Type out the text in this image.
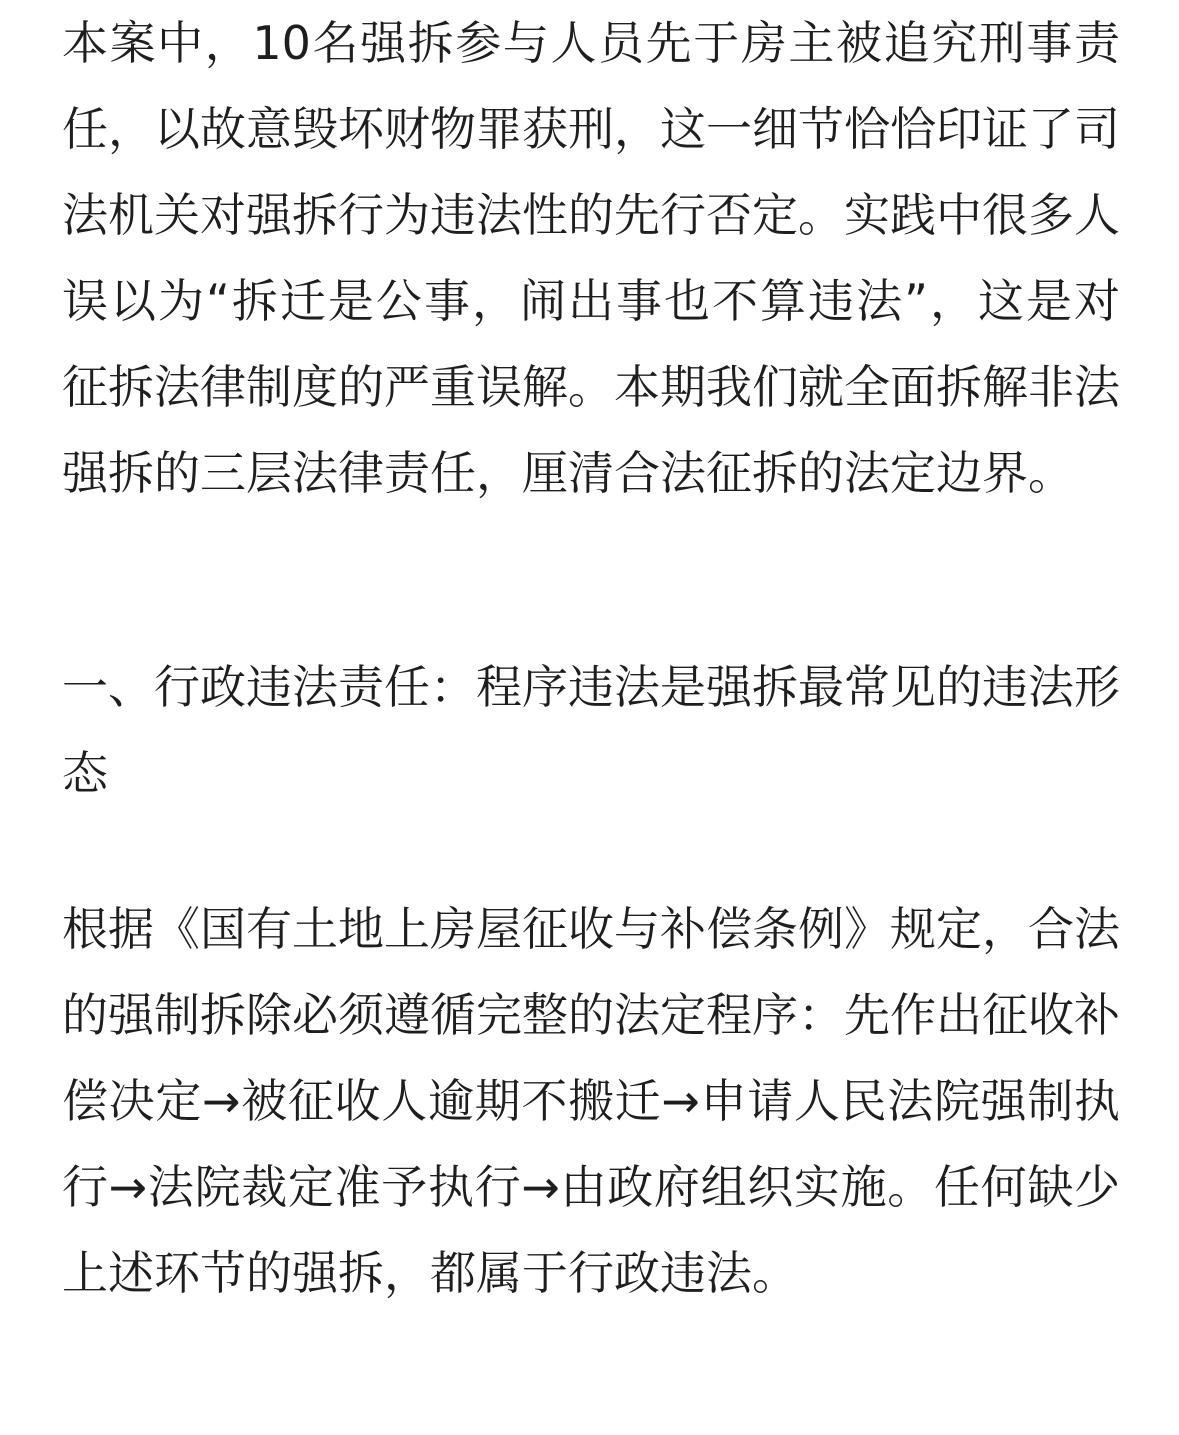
本案中，10名强拆参与人员先于房主被追究刑事责任，以故意毁坏财物罪获刑，这一细节恰恰印证了司法机关对强拆行为违法性的先行否定。实践中很多人误以为“拆迁是公事，闹出事也不算违法”，这是对征拆法律制度的严重误解。本期我们就全面拆解非法强拆的三层法律责任，厘清合法征拆的法定边界。

一、行政违法责任：程序违法是强拆最常见的违法形态

根据《国有土地上房屋征收与补偿条例》规定，合法的强制拆除必须遵循完整的法定程序：先作出征收补偿决定→被征收人逾期不搬迁→申请人民法院强制执行→法院裁定准予执行→由政府组织实施。任何缺少上述环节的强拆，都属于行政违法。
